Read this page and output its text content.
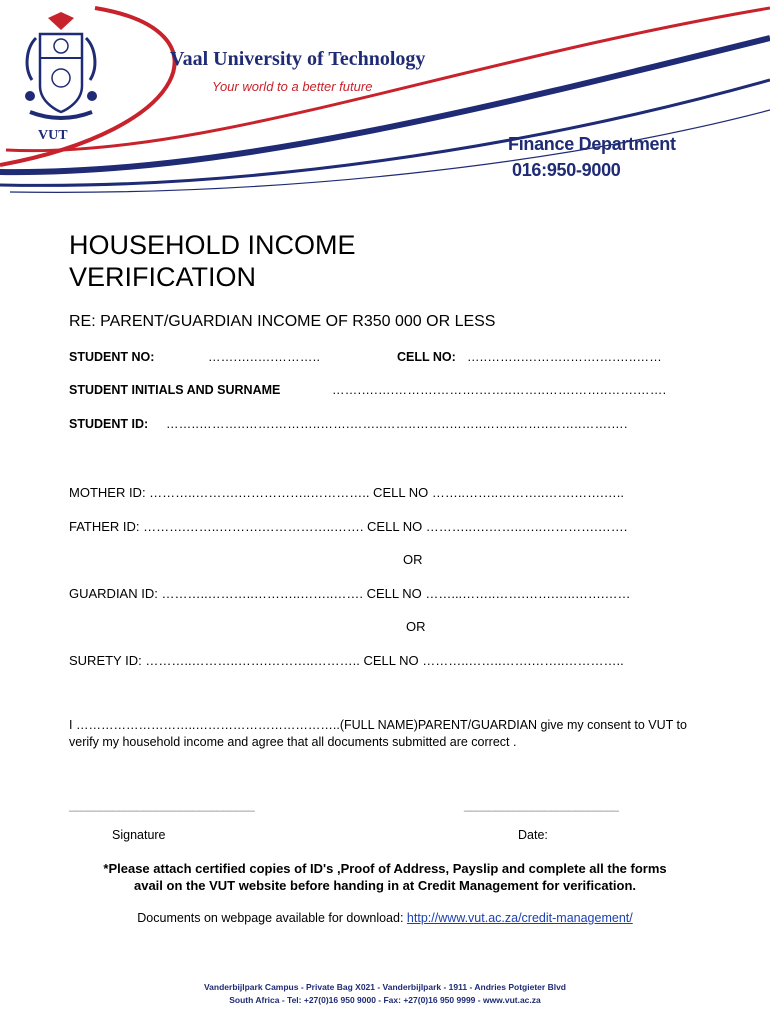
VUT
Vaal University of Technology
Your world to a better future
Finance Department
016:950-9000
HOUSEHOLD INCOME
VERIFICATION
RE: PARENT/GUARDIAN INCOME OF R350 000 OR LESS
STUDENT NO:	…….…..….………..	CELL NO: …..……..….……..…….….…..……
STUDENT INITIALS AND SURNAME	…….….….……….……….……..……..…….……..…….…….
STUDENT ID: ……..………..…….………..…….……..……..……..……..……..……..……..…….….
MOTHER ID: ………..……….……………..………….. CELL NO ……..……..………..…….…….…..
FATHER ID: ……….……..……….……………..……. CELL NO ………..….……..…..………….…….
OR
GUARDIAN ID: ………..………..………..……..……. CELL NO ……...……..…….…….…..…….……
OR
SURETY ID: ………..………..…….………..……….. CELL NO ………..……..…….……..…………..
I ………………………..……………………………..(FULL NAME)PARENT/GUARDIAN give my consent to VUT to verify my household income and agree that all documents submitted are correct .
______________________________	_________________________
Signature	Date:
*Please attach certified copies of ID's ,Proof of Address, Payslip and complete all the forms
avail on the VUT website before handing in at Credit Management for verification.
Documents on webpage available for download: http://www.vut.ac.za/credit-management/
Vanderbijlpark Campus - Private Bag X021 - Vanderbijlpark - 1911 - Andries Potgieter Blvd
South Africa - Tel: +27(0)16 950 9000 - Fax: +27(0)16 950 9999 - www.vut.ac.za
